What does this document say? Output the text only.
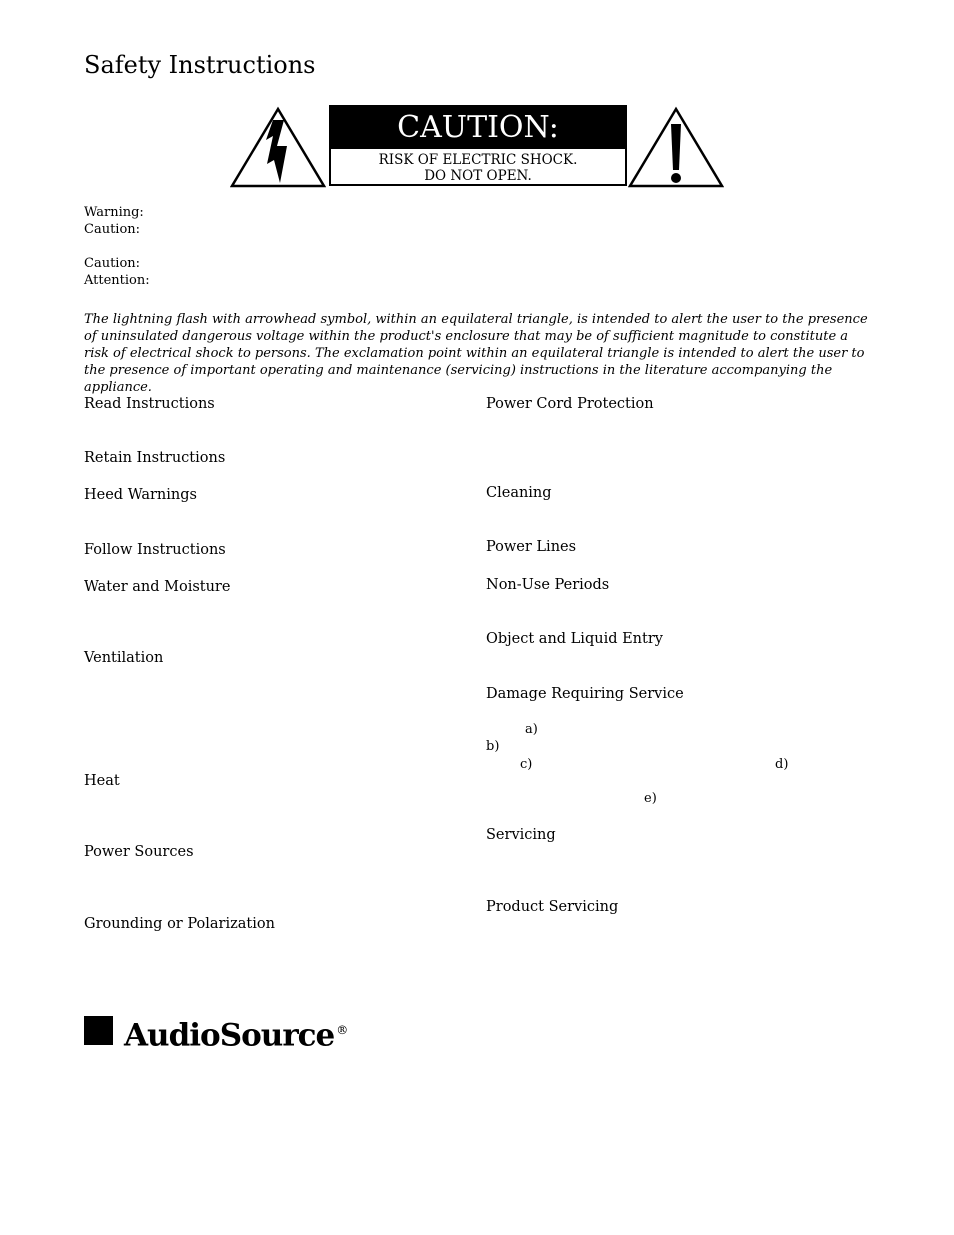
Safety Instructions
CAUTION:
RISK OF ELECTRIC SHOCK.
DO NOT OPEN.
Warning:
Caution:
Caution:
Attention:
The lightning flash with arrowhead symbol, within an equilateral triangle, is intended to alert the user to the presence of uninsulated dangerous voltage within the product's enclosure that may be of sufficient magnitude to constitute a risk of electrical shock to persons. The exclamation point within an equilateral triangle is intended to alert the user to the presence of important operating and maintenance (servicing) instructions in the literature accompanying the appliance.
Read Instructions
Retain Instructions
Heed Warnings
Follow Instructions
Water and Moisture
Ventilation
Heat
Power Sources
Grounding or Polarization
Power Cord Protection
Cleaning
Power Lines
Non-Use Periods
Object and Liquid Entry
Damage Requiring Service
a)
b)
c)	d)
e)
Servicing
Product Servicing
AudioSource ®
